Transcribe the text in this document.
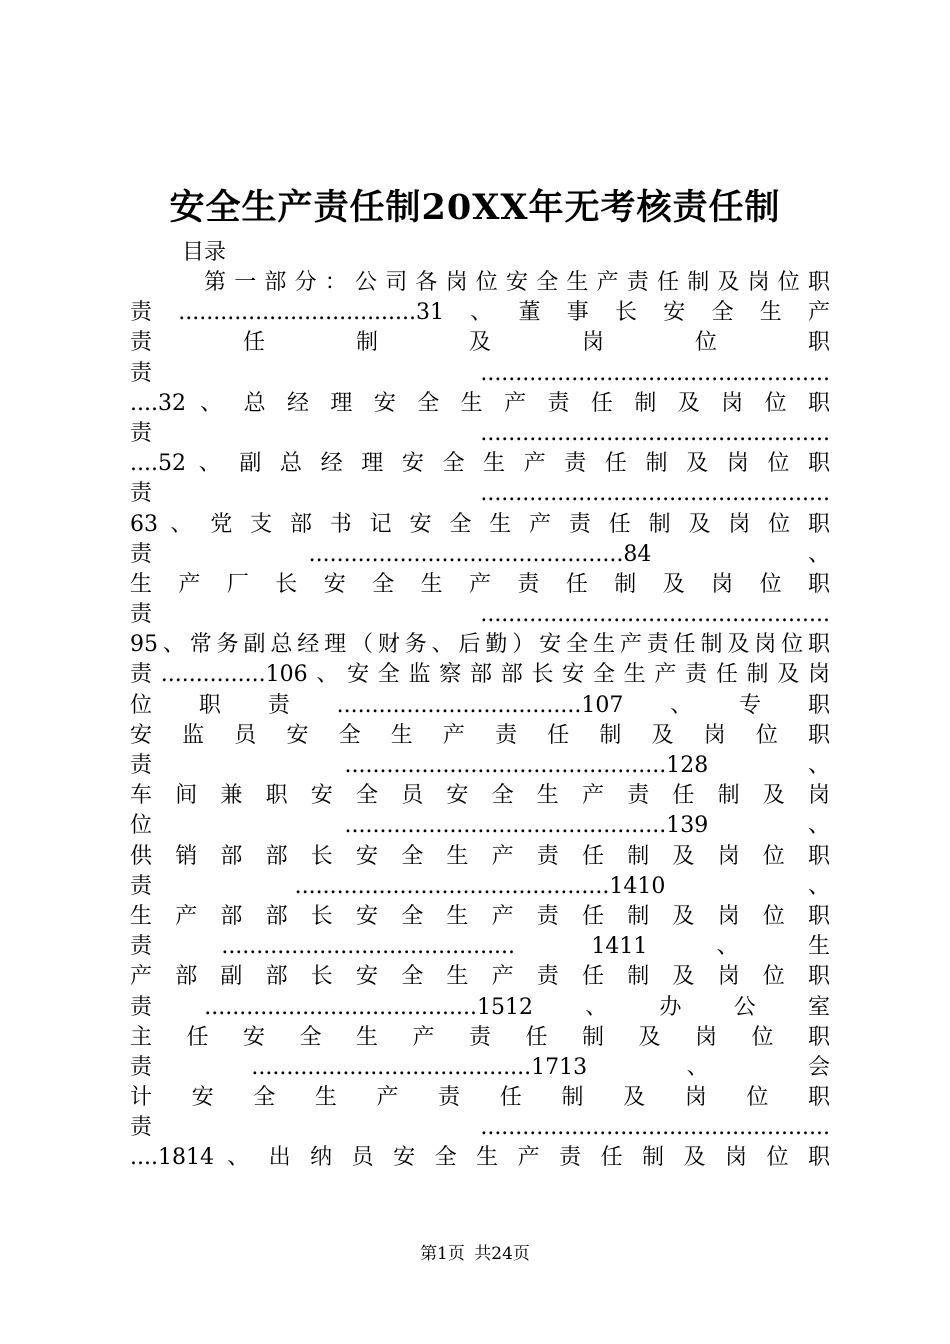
安全生产责任制20XX年无考核责任制
目录
第一部分：公司各岗位安全生产责任制及岗位职
责..................................31、董事长安全生产
责 任 制 及 岗 位 职
责..................................................
....32 、 总 经 理 安 全 生 产 责 任 制 及 岗 位 职
责..................................................
....52 、 副 总 经 理 安 全 生 产 责 任 制 及 岗 位 职
责..................................................
63 、 党 支 部 书 记 安 全 生 产 责 任 制 及 岗 位 职
责.............................................84、
生 产 厂 长 安 全 生 产 责 任 制 及 岗 位 职
责..................................................
95、常务副总经理（财务、后勤）安全生产责任制及岗位职
责...............106、安全监察部部长安全生产责任制及岗
位职责...................................107、专职
安 监 员 安 全 生 产 责 任 制 及 岗 位 职
责 ..............................................128 、
车 间 兼 职 安 全 员 安 全 生 产 责 任 制 及 岗
位 ..............................................139 、
供 销 部 部 长 安 全 生 产 责 任 制 及 岗 位 职
责.............................................1410、
生 产 部 部 长 安 全 生 产 责 任 制 及 岗 位 职
责.......................................... 1411、生
产 部 副 部 长 安 全 生 产 责 任 制 及 岗 位 职
责.......................................1512、办公室
主 任 安 全 生 产 责 任 制 及 岗 位 职
责........................................1713、会
计 安 全 生 产 责 任 制 及 岗 位 职
责..................................................
....1814 、 出 纳 员 安 全 生 产 责 任 制 及 岗 位 职
第1页 共24页
